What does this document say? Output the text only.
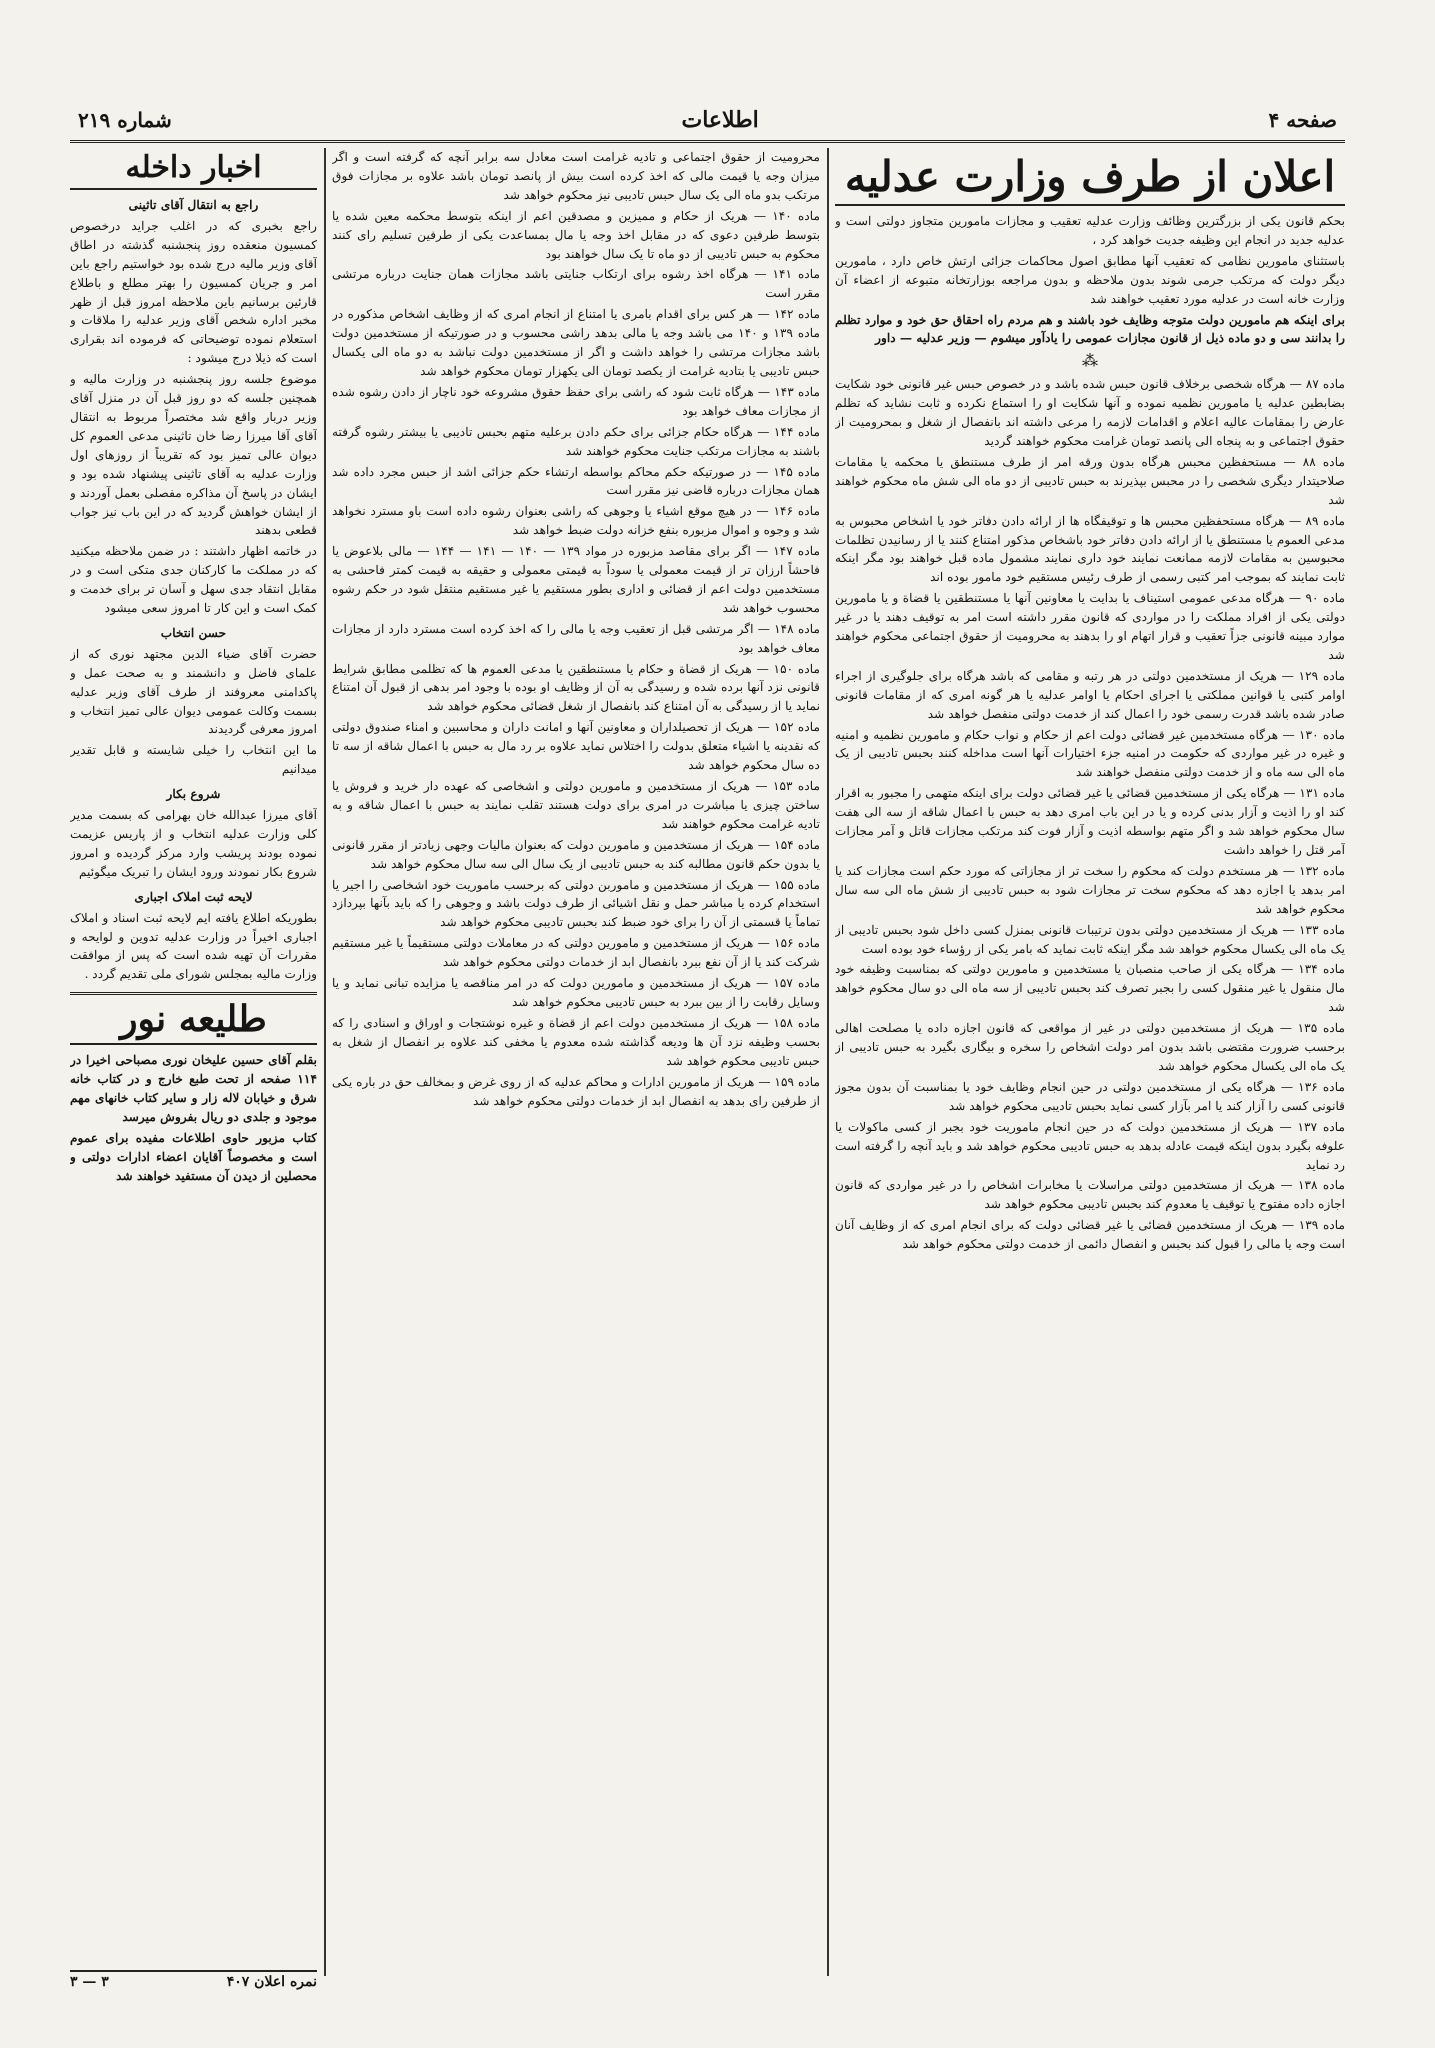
صفحه ۴
اطلاعات
شماره ۲۱۹
اعلان از طرف وزارت عدلیه

بحکم قانون یکی از بزرگترین وظائف وزارت عدلیه تعقیب و مجازات مامورین متجاوز دولتی است و عدلیه جدید در انجام این وظیفه جدیت خواهد کرد ،

باستثنای مامورین نظامی که تعقیب آنها مطابق اصول محاکمات جزائی ارتش خاص دارد ، مامورین دیگر دولت که مرتکب جرمی شوند بدون ملاحظه و بدون مراجعه بوزارتخانه متبوعه از اعضاء آن وزارت خانه است در عدلیه مورد تعقیب خواهند شد

برای اینکه هم مامورین دولت متوجه وظایف خود باشند و هم مردم راه احقاق حق خود و موارد تظلم را بدانند سی و دو ماده ذیل از قانون مجازات عمومی را یادآور میشوم — وزیر عدلیه — داور

⁂

ماده ۸۷ — هرگاه شخصی برخلاف قانون حبس شده باشد و در خصوص حبس غیر قانونی خود شکایت بضابطین عدلیه یا مامورین نظمیه نموده و آنها شکایت او را استماع نکرده و ثابت نشاید که تظلم عارض را بمقامات عالیه اعلام و اقدامات لازمه را مرعی داشته اند بانفصال از شغل و بمحرومیت از حقوق اجتماعی و به پنجاه الی پانصد تومان غرامت محکوم خواهند گردید

ماده ۸۸ — مستحفظین محبس هرگاه بدون ورقه امر از طرف مستنطق یا محکمه یا مقامات صلاحیتدار دیگری شخصی را در محبس بپذیرند به حبس تادیبی از دو ماه الی شش ماه محکوم خواهند شد

ماده ۸۹ — هرگاه مستحفظین محبس ها و توقیفگاه ها از ارائه دادن دفاتر خود یا اشخاص محبوس به مدعی العموم یا مستنطق یا از ارائه دادن دفاتر خود باشخاص مذکور امتناع کنند یا از رسانیدن تظلمات محبوسین به مقامات لازمه ممانعت نمایند خود داری نمایند مشمول ماده قبل خواهند بود مگر اینکه ثابت نمایند که بموجب امر کتبی رسمی از طرف رئیس مستقیم خود مامور بوده اند

ماده ۹۰ — هرگاه مدعی عمومی استیناف یا بدایت یا معاونین آنها یا مستنطقین یا قضاة و یا مامورین دولتی یکی از افراد مملکت را در مواردی که قانون مقرر داشته است امر به توقیف دهند یا در غیر موارد مبینه قانونی جزاً تعقیب و قرار اتهام او را بدهند به محرومیت از حقوق اجتماعی محکوم خواهند شد

ماده ۱۲۹ — هریک از مستخدمین دولتی در هر رتبه و مقامی که باشد هرگاه برای جلوگیری از اجراء اوامر کتبی یا قوانین مملکتی یا اجرای احکام یا اوامر عدلیه یا هر گونه امری که از مقامات قانونی صادر شده باشد قدرت رسمی خود را اعمال کند از خدمت دولتی منفصل خواهد شد

ماده ۱۳۰ — هرگاه مستخدمین غیر قضائی دولت اعم از حکام و نواب حکام و مامورین نظمیه و امنیه و غیره در غیر مواردی که حکومت در امنیه جزء اختیارات آنها است مداخله کنند بحبس تادیبی از یک ماه الی سه ماه و از خدمت دولتی منفصل خواهند شد

ماده ۱۳۱ — هرگاه یکی از مستخدمین قضائی یا غیر قضائی دولت برای اینکه متهمی را مجبور به اقرار کند او را اذیت و آزار بدنی کرده و یا در این باب امری دهد به حبس با اعمال شاقه از سه الی هفت سال محکوم خواهد شد و اگر متهم بواسطه اذیت و آزار فوت کند مرتکب مجازات قاتل و آمر مجازات آمر قتل را خواهد داشت

ماده ۱۳۲ — هر مستخدم دولت که محکوم را سخت تر از مجازاتی که مورد حکم است مجازات کند یا امر بدهد یا اجازه دهد که محکوم سخت تر مجازات شود به حبس تادیبی از شش ماه الی سه سال محکوم خواهد شد

ماده ۱۳۳ — هریک از مستخدمین دولتی بدون ترتیبات قانونی بمنزل کسی داخل شود بحبس تادیبی از یک ماه الی یکسال محکوم خواهد شد مگر اینکه ثابت نماید که بامر یکی از رؤساء خود بوده است

ماده ۱۳۴ — هرگاه یکی از صاحب منصبان یا مستخدمین و مامورین دولتی که بمناسبت وظیفه خود مال منقول یا غیر منقول کسی را بجبر تصرف کند بحبس تادیبی از سه ماه الی دو سال محکوم خواهد شد

ماده ۱۳۵ — هریک از مستخدمین دولتی در غیر از مواقعی که قانون اجازه داده یا مصلحت اهالی برحسب ضرورت مقتضی باشد بدون امر دولت اشخاص را سخره و بیگاری بگیرد به حبس تادیبی از یک ماه الی یکسال محکوم خواهد شد

ماده ۱۳۶ — هرگاه یکی از مستخدمین دولتی در حین انجام وظایف خود یا بمناسبت آن بدون مجوز قانونی کسی را آزار کند یا امر بآزار کسی نماید بحبس تادیبی محکوم خواهد شد

ماده ۱۳۷ — هریک از مستخدمین دولت که در حین انجام ماموریت خود بجبر از کسی ماکولات یا علوفه بگیرد بدون اینکه قیمت عادله بدهد به حبس تادیبی محکوم خواهد شد و باید آنچه را گرفته است رد نماید

ماده ۱۳۸ — هریک از مستخدمین دولتی مراسلات یا مخابرات اشخاص را در غیر مواردی که قانون اجازه داده مفتوح یا توقیف یا معدوم کند بحبس تادیبی محکوم خواهد شد

ماده ۱۳۹ — هریک از مستخدمین قضائی یا غیر قضائی دولت که برای انجام امری که از وظایف آنان است وجه یا مالی را قبول کند بحبس و انفصال دائمی از خدمت دولتی محکوم خواهد شد

محرومیت از حقوق اجتماعی و تادیه غرامت است معادل سه برابر آنچه که گرفته است و اگر میزان وجه یا قیمت مالی که اخذ کرده است بیش از پانصد تومان باشد علاوه بر مجازات فوق مرتکب بدو ماه الی یک سال حبس تادیبی نیز محکوم خواهد شد

ماده ۱۴۰ — هریک از حکام و ممیزین و مصدقین اعم از اینکه بتوسط محکمه معین شده یا بتوسط طرفین دعوی که در مقابل اخذ وجه یا مال بمساعدت یکی از طرفین تسلیم رای کنند محکوم به حبس تادیبی از دو ماه تا یک سال خواهند بود

ماده ۱۴۱ — هرگاه اخذ رشوه برای ارتکاب جنایتی باشد مجازات همان جنایت درباره مرتشی مقرر است

ماده ۱۴۲ — هر کس برای اقدام بامری یا امتناع از انجام امری که از وظایف اشخاص مذکوره در ماده ۱۳۹ و ۱۴۰ می باشد وجه یا مالی بدهد راشی محسوب و در صورتیکه از مستخدمین دولت باشد مجازات مرتشی را خواهد داشت و اگر از مستخدمین دولت نباشد به دو ماه الی یکسال حبس تادیبی یا بتادیه غرامت از یکصد تومان الی یکهزار تومان محکوم خواهد شد

ماده ۱۴۳ — هرگاه ثابت شود که راشی برای حفظ حقوق مشروعه خود ناچار از دادن رشوه شده از مجازات معاف خواهد بود

ماده ۱۴۴ — هرگاه حکام جزائی برای حکم دادن برعلیه متهم بحبس تادیبی یا بیشتر رشوه گرفته باشند به مجازات مرتکب جنایت محکوم خواهند شد

ماده ۱۴۵ — در صورتیکه حکم محاکم بواسطه ارتشاء حکم جزائی اشد از حبس مجرد داده شد همان مجازات درباره قاضی نیز مقرر است

ماده ۱۴۶ — در هیچ موقع اشیاء یا وجوهی که راشی بعنوان رشوه داده است باو مسترد نخواهد شد و وجوه و اموال مزبوره بنفع خزانه دولت ضبط خواهد شد

ماده ۱۴۷ — اگر برای مقاصد مزبوره در مواد ۱۳۹ — ۱۴۰ — ۱۴۱ — ۱۴۴ — مالی بلاعوض یا فاحشاً ارزان تر از قیمت معمولی یا سوداً به قیمتی معمولی و حقیقه به قیمت کمتر فاحشی به مستخدمین دولت اعم از قضائی و اداری بطور مستقیم یا غیر مستقیم منتقل شود در حکم رشوه محسوب خواهد شد

ماده ۱۴۸ — اگر مرتشی قبل از تعقیب وجه یا مالی را که اخذ کرده است مسترد دارد از مجازات معاف خواهد بود

ماده ۱۵۰ — هریک از قضاة و حکام یا مستنطقین یا مدعی العموم ها که تظلمی مطابق شرایط قانونی نزد آنها برده شده و رسیدگی به آن از وظایف او بوده با وجود امر بدهی از قبول آن امتناع نماید یا از رسیدگی به آن امتناع کند بانفصال از شغل قضائی محکوم خواهد شد

ماده ۱۵۲ — هریک از تحصیلداران و معاونین آنها و امانت داران و محاسبین و امناء صندوق دولتی که نقدینه یا اشیاء متعلق بدولت را اختلاس نماید علاوه بر رد مال به حبس با اعمال شاقه از سه تا ده سال محکوم خواهد شد

ماده ۱۵۳ — هریک از مستخدمین و مامورین دولتی و اشخاصی که عهده دار خرید و فروش یا ساختن چیزی یا مباشرت در امری برای دولت هستند تقلب نمایند به حبس با اعمال شاقه و به تادیه غرامت محکوم خواهند شد

ماده ۱۵۴ — هریک از مستخدمین و مامورین دولت که بعنوان مالیات وجهی زیادتر از مقرر قانونی یا بدون حکم قانون مطالبه کند به حبس تادیبی از یک سال الی سه سال محکوم خواهد شد

ماده ۱۵۵ — هریک از مستخدمین و ماموربن دولتی که برحسب ماموریت خود اشخاصی را اجیر یا استخدام کرده یا مباشر حمل و نقل اشیائی از طرف دولت باشد و وجوهی را که باید بآنها بپردازد تماماً یا قسمتی از آن را برای خود ضبط کند بحبس تادیبی محکوم خواهد شد

ماده ۱۵۶ — هریک از مستخدمین و مامورین دولتی که در معاملات دولتی مستقیماً یا غیر مستقیم شرکت کند یا از آن نفع ببرد بانفصال ابد از خدمات دولتی محکوم خواهد شد

ماده ۱۵۷ — هریک از مستخدمین و مامورین دولت که در امر مناقصه یا مزایده تبانی نماید و یا وسایل رقابت را از بین ببرد به حبس تادیبی محکوم خواهد شد

ماده ۱۵۸ — هریک از مستخدمین دولت اعم از قضاة و غیره نوشتجات و اوراق و اسنادی را که بحسب وظیفه نزد آن ها ودیعه گذاشته شده معدوم یا مخفی کند علاوه بر انفصال از شغل به حبس تادیبی محکوم خواهد شد

ماده ۱۵۹ — هریک از مامورین ادارات و محاکم عدلیه که از روی غرض و بمخالف حق در باره یکی از طرفین رای بدهد به انفصال ابد از خدمات دولتی محکوم خواهد شد

اخبار داخله
راجع به انتقال آقای تاثینی

راجع بخبری که در اغلب جراید درخصوص کمسیون منعقده روز پنجشنبه گذشته در اطاق آقای وزیر مالیه درج شده بود خواستیم راجع باین امر و جریان کمسیون را بهتر مطلع و باطلاع قارئین برسانیم باین ملاحظه امروز قبل از ظهر مخبر اداره شخص آقای وزیر عدلیه را ملاقات و استعلام نموده توضیحاتی که فرموده اند بقراری است که ذیلا درج میشود :

موضوع جلسه روز پنجشنبه در وزارت مالیه و همچنین جلسه که دو روز قبل آن در منزل آقای وزیر دربار واقع شد مختصراً مربوط به انتقال آقای آقا میرزا رضا خان تاثینی مدعی العموم کل دیوان عالی تمیز بود که تقریباً از روزهای اول وزارت عدلیه به آقای تاثینی پیشنهاد شده بود و ایشان در پاسخ آن مذاکره مفصلی بعمل آوردند و از ایشان خواهش گردید که در این باب نیز جواب قطعی بدهند

در خاتمه اظهار داشتند : در ضمن ملاحظه میکنید که در مملکت ما کارکنان جدی متکی است و در مقابل انتقاد جدی سهل و آسان تر برای خدمت و کمک است و این کار تا امروز سعی میشود

حسن انتخاب

حضرت آقای ضیاء الدین مجتهد نوری که از علمای فاضل و دانشمند و به صحت عمل و پاکدامنی معروفند از طرف آقای وزیر عدلیه بسمت وکالت عمومی دیوان عالی تمیز انتخاب و امروز معرفی گردیدند

ما این انتخاب را خیلی شایسته و قابل تقدیر میدانیم

شروع بکار

آقای میرزا عبدالله خان بهرامی که بسمت مدیر کلی وزارت عدلیه انتخاب و از پاریس عزیمت نموده بودند پریشب وارد مرکز گردیده و امروز شروع بکار نمودند ورود ایشان را تبریک میگوئیم

لایحه ثبت املاک اجباری

بطوریکه اطلاع یافته ایم لایحه ثبت اسناد و املاک اجباری اخیراً در وزارت عدلیه تدوین و لوایحه و مقررات آن تهیه شده است که پس از موافقت وزارت مالیه بمجلس شورای ملی تقدیم گردد .

طلیعه نور

بقلم آقای حسین علیخان نوری مصباحی اخیرا در ۱۱۴ صفحه از تحت طبع خارج و در کتاب خانه شرق و خیابان لاله زار و سایر کتاب خانهای مهم موجود و جلدی دو ریال بفروش میرسد

کتاب مزبور حاوی اطلاعات مفیده برای عموم است و مخصوصاً آقایان اعضاء ادارات دولتی و محصلین از دیدن آن مستفید خواهند شد

نمره اعلان ۴۰۷
۳ — ۳
